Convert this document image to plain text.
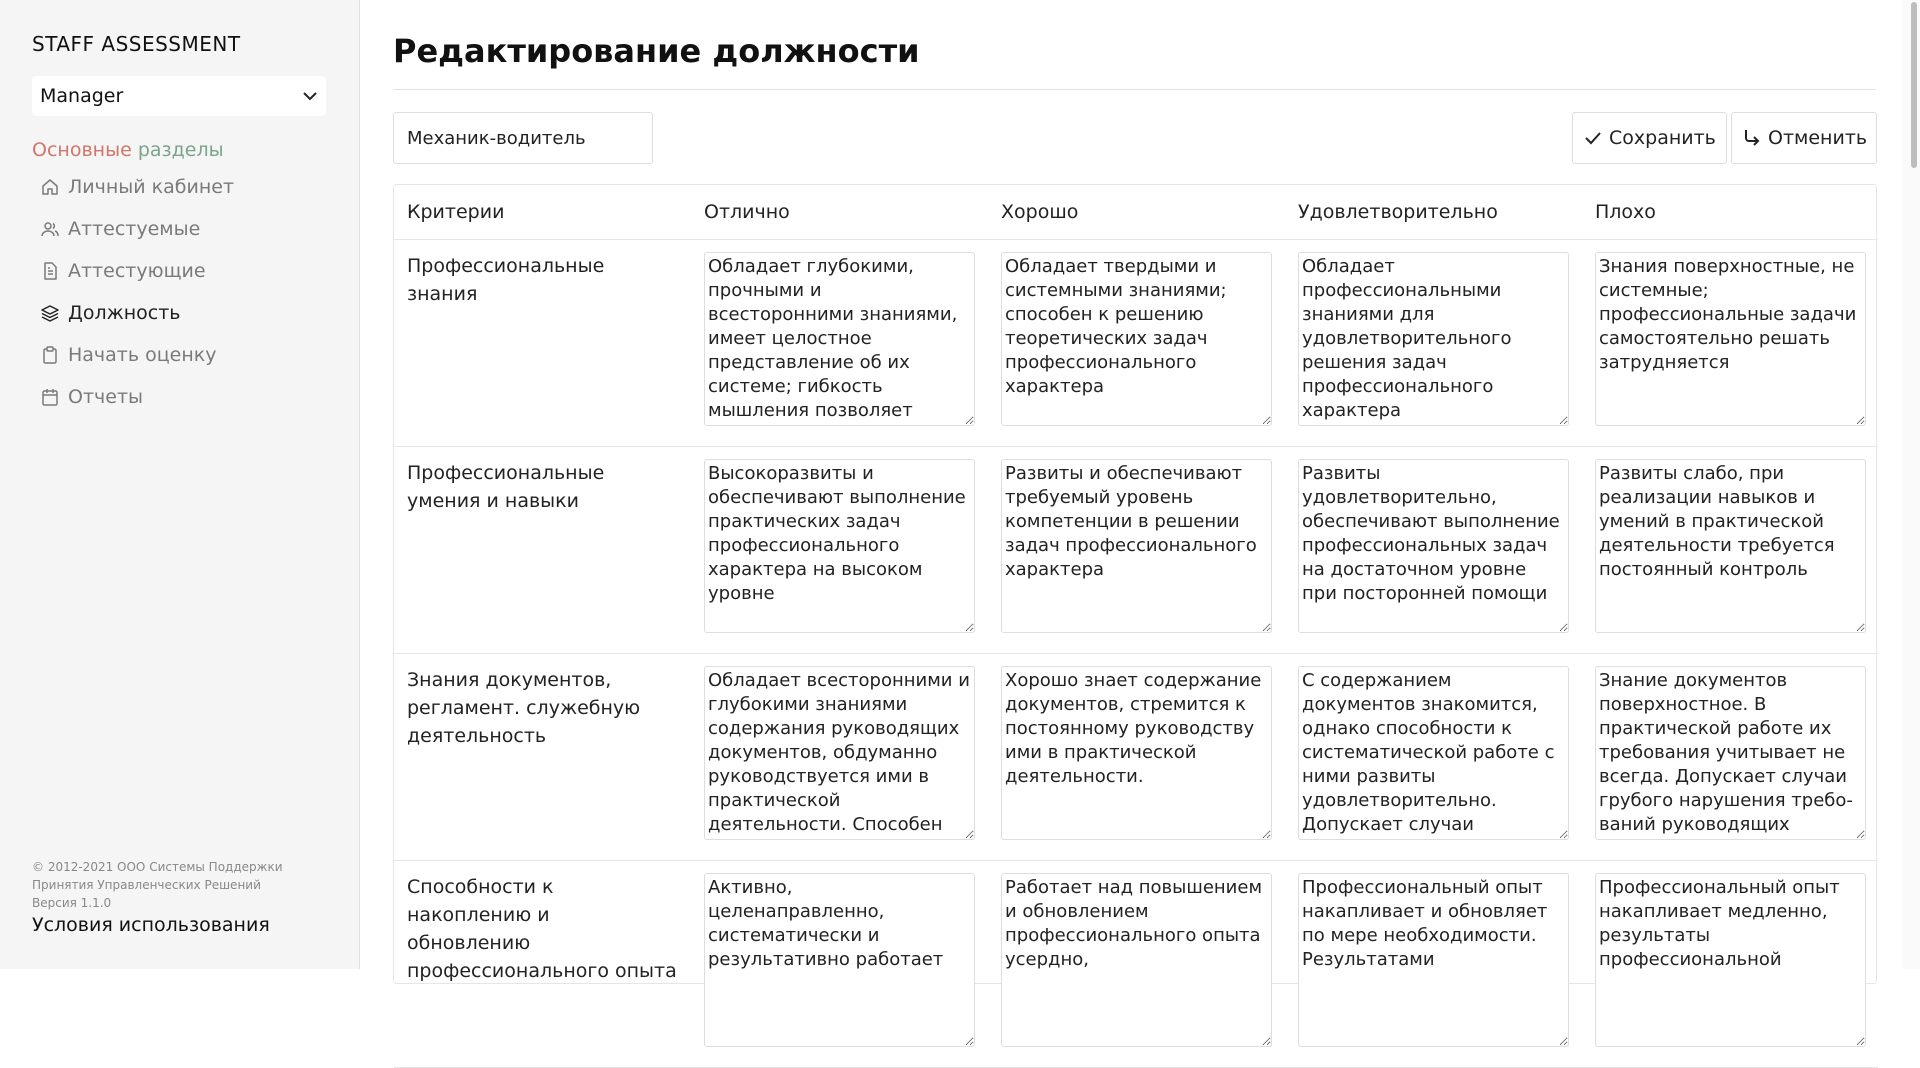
STAFF ASSESSMENT
Manager
Основные разделы
Личный кабинет
Аттестуемые
Аттестующие
Должность
Начать оценку
Отчеты
© 2012-2021 ООО Системы Поддержки Принятия Управленческих Решений
Версия 1.1.0
Условия использования
Редактирование должности
Механик-водитель
Сохранить	Отменить
Критерии	Отлично	Хорошо	Удовлетворительно	Плохо
Профессиональные знания	Обладает глубокими, прочными и всесторонними знаниями, имеет целостное представление об их системе; гибкость мышления позволяет	Обладает твердыми и системными знаниями; способен к решению теоретических задач профессионального характера	Обладает профессиональными знаниями для удовлетворительного решения задач профессионального характера	Знания поверхностные, не системные; профессиональные задачи самостоятельно решать затрудняется
Профессиональные умения и навыки	Высокоразвиты и обеспечивают выполнение практических задач профессионального характера на высоком уровне	Развиты и обеспечивают требуемый уровень компетенции в решении задач профессионального характера	Развиты удовлетворительно, обеспечивают выполнение профессиональных задач на достаточном уровне при посторонней помощи	Развиты слабо, при реализации навыков и умений в практической деятельности требуется постоянный контроль
Знания документов, регламент. служебную деятельность	Обладает всесторонними и глубокими знаниями содержания руководящих документов, обдуманно руководствуется ими в практической деятельности. Способен	Хорошо знает содержание документов, стремится к постоянному руководству ими в практической деятельности.	С содержанием документов знакомится, однако способности к систематической работе с ними развиты удовлетворительно. Допускает случаи	Знание документов поверхностное. В практической работе их требования учитывает не всегда. Допускает случаи грубого нарушения требо-ваний руководящих
Способности к накоплению и обновлению профессионального опыта	Активно, целенаправленно, систематически и результативно работает	Работает над повышением и обновлением профессионального опыта усердно,	Профессиональный опыт накапливает и обновляет по мере необходимости. Результатами	Профессиональный опыт накапливает медленно, результаты профессиональной
